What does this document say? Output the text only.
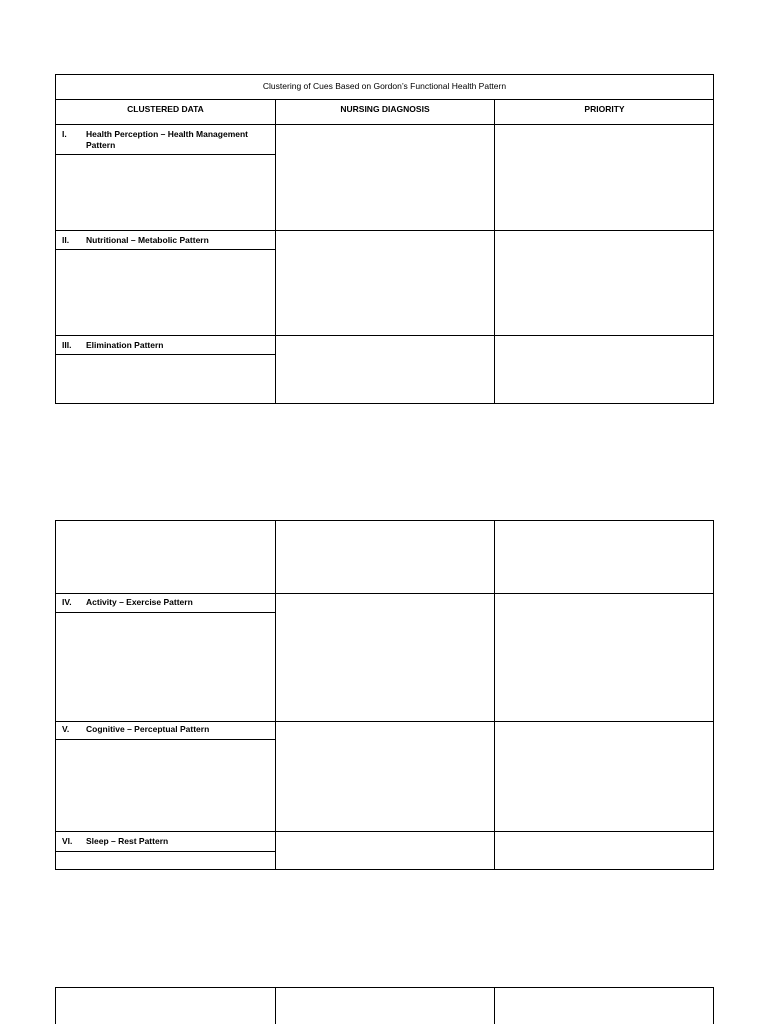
Clustering of Cues Based on Gordon’s Functional Health Pattern
CLUSTERED DATA	NURSING DIAGNOSIS	PRIORITY
I. Health Perception – Health Management Pattern
II. Nutritional – Metabolic Pattern
III. Elimination Pattern
IV. Activity – Exercise Pattern
V. Cognitive – Perceptual Pattern
VI. Sleep – Rest Pattern
